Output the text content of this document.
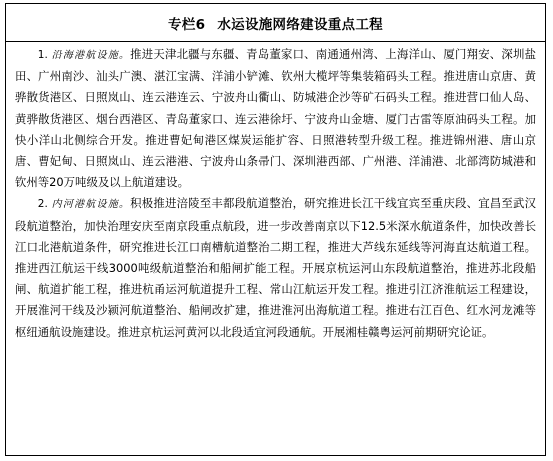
专栏6 水运设施网络建设重点工程

1. 沿海港航设施。推进天津北疆与东疆、青岛董家口、南通通州湾、上海洋山、厦门翔安、深圳盐田、广州南沙、汕头广澳、湛江宝满、洋浦小铲滩、钦州大榄坪等集装箱码头工程。推进唐山京唐、黄骅散货港区、日照岚山、连云港连云、宁波舟山衢山、防城港企沙等矿石码头工程。推进营口仙人岛、黄骅散货港区、烟台西港区、青岛董家口、连云港徐圩、宁波舟山金塘、厦门古雷等原油码头工程。加快小洋山北侧综合开发。推进曹妃甸港区煤炭运能扩容、日照港转型升级工程。推进锦州港、唐山京唐、曹妃甸、日照岚山、连云港港、宁波舟山条帚门、深圳港西部、广州港、洋浦港、北部湾防城港和钦州等20万吨级及以上航道建设。

2. 内河港航设施。积极推进涪陵至丰都段航道整治，研究推进长江干线宜宾至重庆段、宜昌至武汉段航道整治，加快治理安庆至南京段重点航段，进一步改善南京以下12.5米深水航道条件，加快改善长江口北港航道条件，研究推进长江口南槽航道整治二期工程，推进大芦线东延线等河海直达航道工程。推进西江航运干线3000吨级航道整治和船闸扩能工程。开展京杭运河山东段航道整治，推进苏北段船闸、航道扩能工程，推进杭甬运河航道提升工程、常山江航运开发工程。推进引江济淮航运工程建设，开展淮河干线及沙颍河航道整治、船闸改扩建，推进淮河出海航道工程。推进右江百色、红水河龙滩等枢纽通航设施建设。推进京杭运河黄河以北段适宜河段通航。开展湘桂赣粤运河前期研究论证。
